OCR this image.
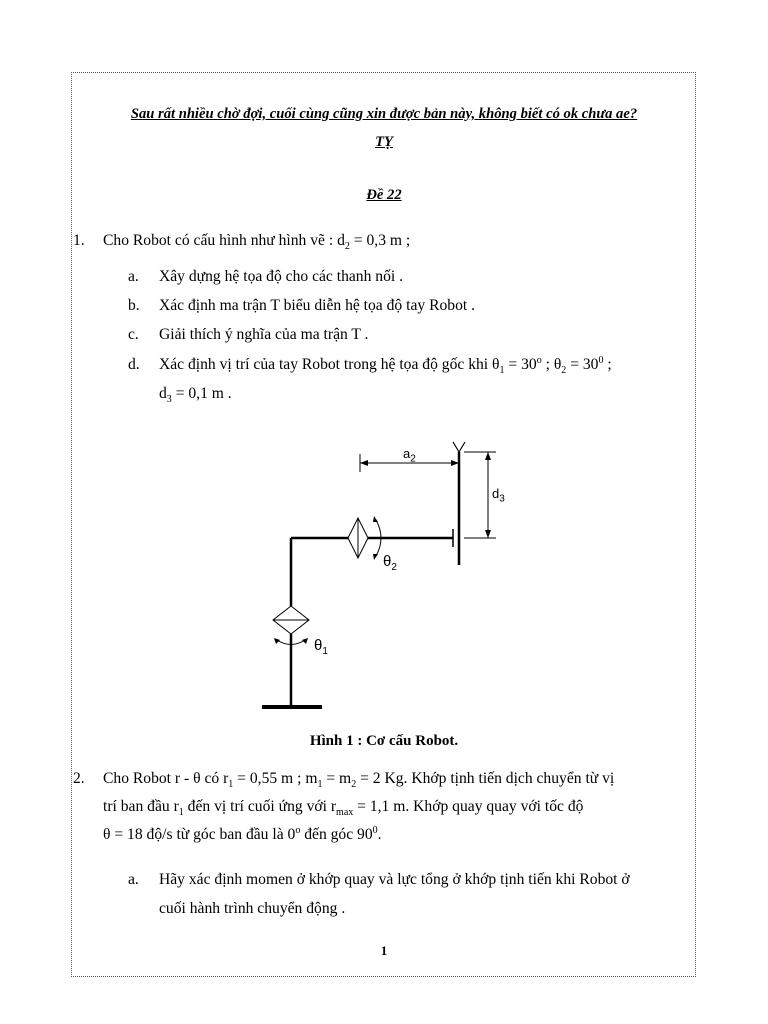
Sau rất nhiều chờ đợi, cuối cùng cũng xin được bản này, không biết có ok chưa ae?
TỴ
Đề 22
1. Cho Robot có cấu hình như hình vẽ : $d_2 = 0,3$ m ;
a. Xây dựng hệ tọa độ cho các thanh nối .
b. Xác định ma trận T biểu diễn hệ tọa độ tay Robot .
c. Giải thích ý nghĩa của ma trận T .
d. Xác định vị trí của tay Robot trong hệ tọa độ gốc khi $\theta_1 = 30^o$ ; $\theta_2 = 30^0$ ;
$d_3 = 0,1$ m .
$a_2$
$d_3$
$\theta_2$
$\theta_1$
Hình 1 : Cơ cấu Robot.
2. Cho Robot r - θ có $r_1 = 0,55$ m ; $m_1 = m_2 = 2$ Kg. Khớp tịnh tiến dịch chuyển từ vị
trí ban đầu $r_1$ đến vị trí cuối ứng với $r_{max} = 1,1$ m. Khớp quay quay với tốc độ
θ = 18 độ/s từ góc ban đầu là 0$^o$ đến góc $90^0$.
a. Hãy xác định momen ở khớp quay và lực tổng ở khớp tịnh tiến khi Robot ở
cuối hành trình chuyển động .
1
